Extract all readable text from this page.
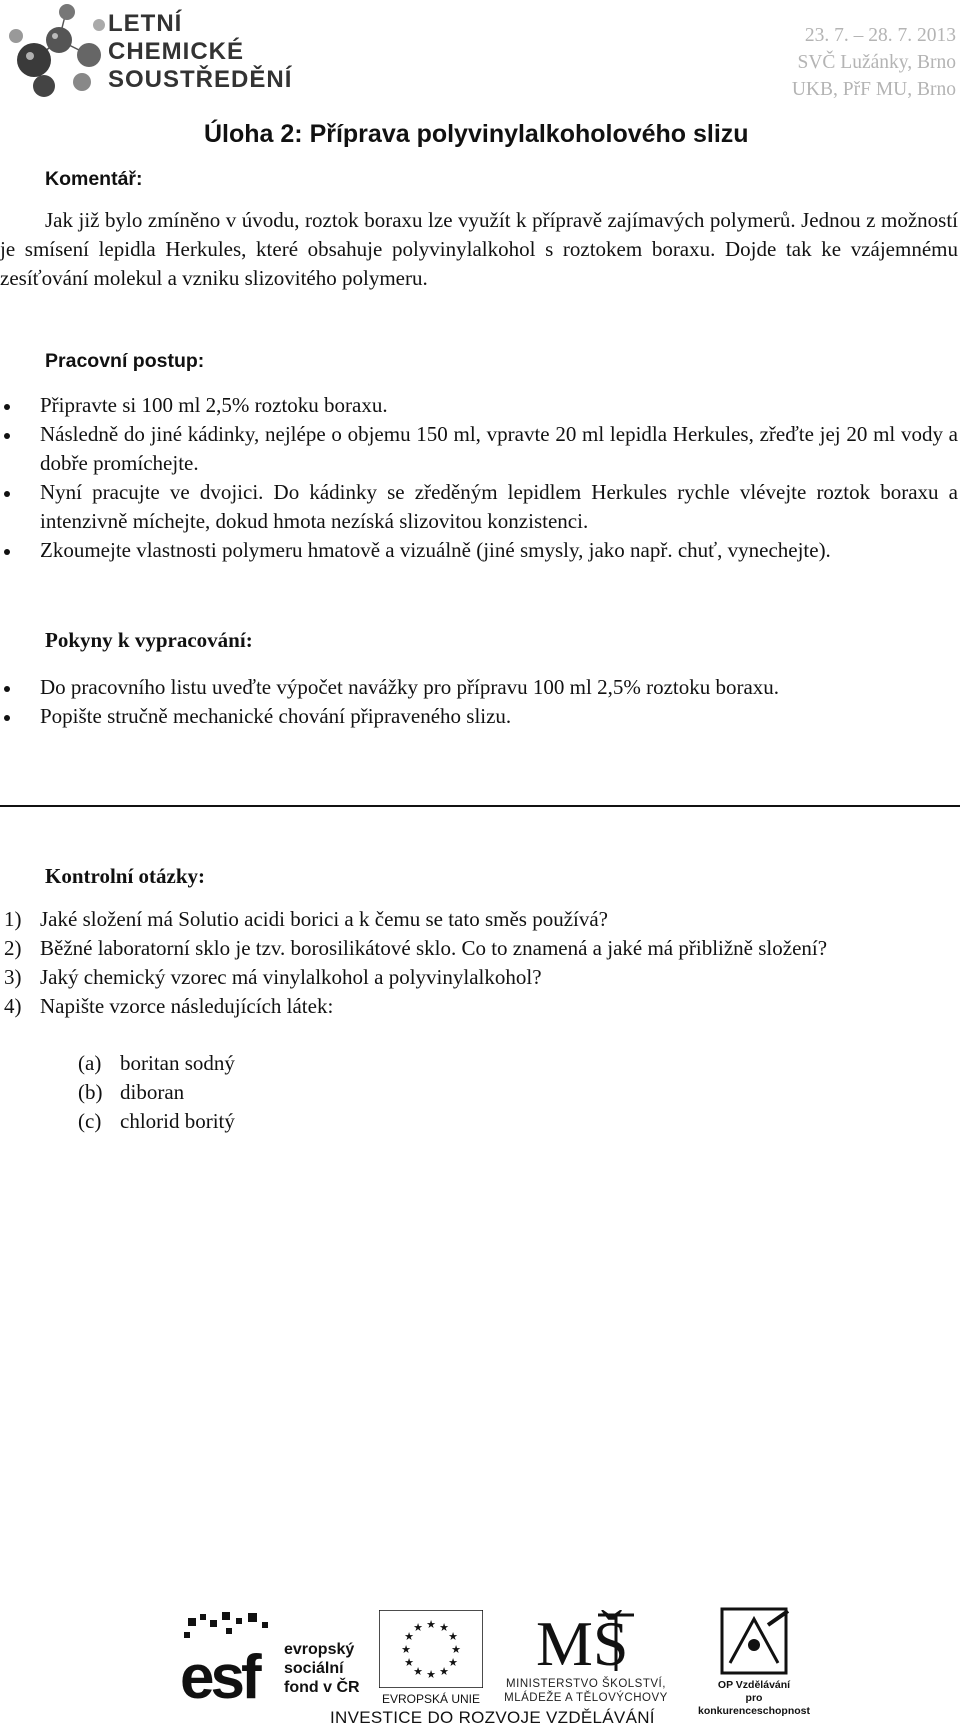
LETNÍ
CHEMICKÉ
SOUSTŘEDĚNÍ
23. 7. – 28. 7. 2013
SVČ Lužánky, Brno
UKB, PřF MU, Brno
Úloha 2: Příprava polyvinylalkoholového slizu
Komentář:
Jak již bylo zmíněno v úvodu, roztok boraxu lze využít k přípravě zajímavých polymerů. Jednou z možností je smísení lepidla Herkules, které obsahuje polyvinylalkohol s roztokem boraxu. Dojde tak ke vzájemnému zesíťování molekul a vzniku slizovitého polymeru.
Pracovní postup:
Připravte si 100 ml 2,5% roztoku boraxu.
Následně do jiné kádinky, nejlépe o objemu 150 ml, vpravte 20 ml lepidla Herkules, zřeďte jej 20 ml vody a dobře promíchejte.
Nyní pracujte ve dvojici. Do kádinky se zředěným lepidlem Herkules rychle vlévejte roztok boraxu a intenzivně míchejte, dokud hmota nezíská slizovitou konzistenci.
Zkoumejte vlastnosti polymeru hmatově a vizuálně (jiné smysly, jako např. chuť, vynechejte).
Pokyny k vypracování:
Do pracovního listu uveďte výpočet navážky pro přípravu 100 ml 2,5% roztoku boraxu.
Popište stručně mechanické chování připraveného slizu.
Kontrolní otázky:
1) Jaké složení má Solutio acidi borici a k čemu se tato směs používá?
2) Běžné laboratorní sklo je tzv. borosilikátové sklo. Co to znamená a jaké má přibližně složení?
3) Jaký chemický vzorec má vinylalkohol a polyvinylalkohol?
4) Napište vzorce následujících látek:
(a) boritan sodný
(b) diboran
(c) chlorid boritý
esf evropský
sociální
fond v ČR
★ ★
★
★
★
★
★
★
★
★
★
★
EVROPSKÁ UNIE
MŠ
MINISTERSTVO ŠKOLSTVÍ,
MLÁDEŽE A TĚLOVÝCHOVY
OP Vzdělávání
pro konkurenceschopnost
INVESTICE DO ROZVOJE VZDĚLÁVÁNÍ
